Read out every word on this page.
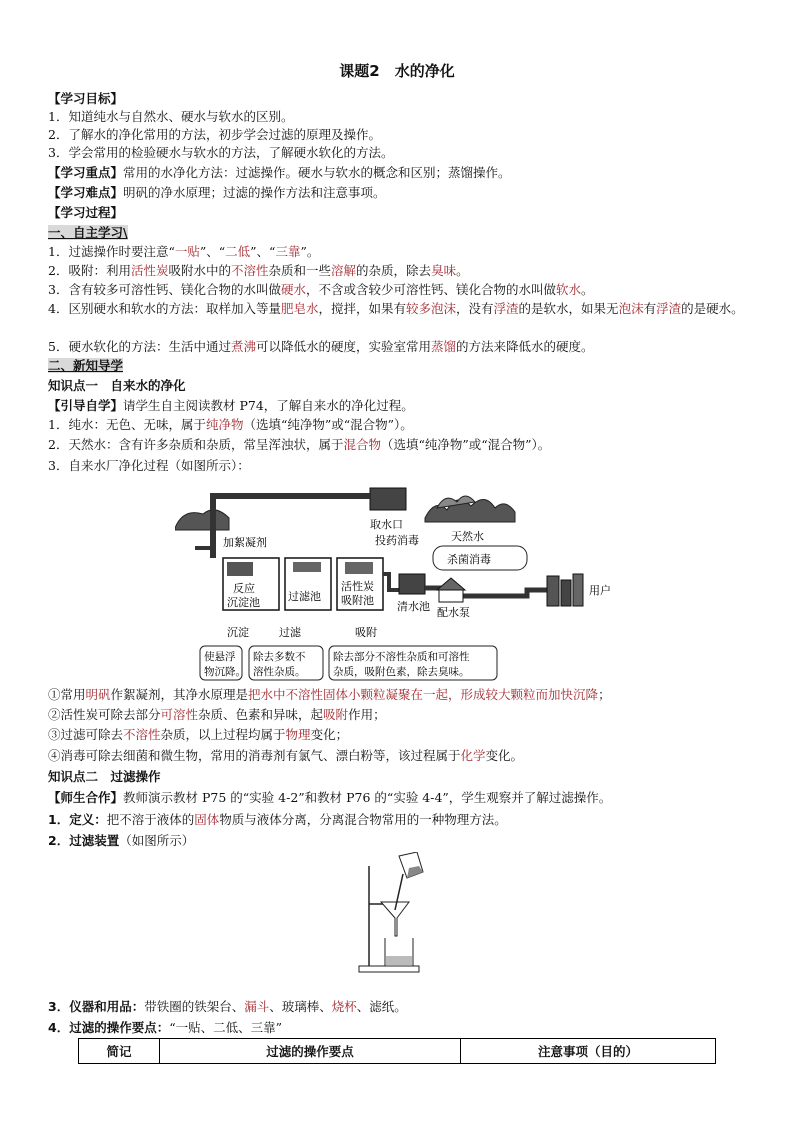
课题2　水的净化
【学习目标】
1．知道纯水与自然水、硬水与软水的区别。
2．了解水的净化常用的方法，初步学会过滤的原理及操作。
3．学会常用的检验硬水与软水的方法，了解硬水软化的方法。
【学习重点】常用的水净化方法：过滤操作。硬水与软水的概念和区别；蒸馏操作。
【学习难点】明矾的净水原理；过滤的操作方法和注意事项。
【学习过程】
一、自主学习\
1．过滤操作时要注意“一贴”、“二低”、“三靠”。
2．吸附：利用活性炭吸附水中的不溶性杂质和一些溶解的杂质，除去臭味。
3．含有较多可溶性钙、镁化合物的水叫做硬水，不含或含较少可溶性钙、镁化合物的水叫做软水。
4．区别硬水和软水的方法：取样加入等量肥皂水，搅拌，如果有较多泡沫，没有浮渣的是软水，如果无泡沫有浮渣的是硬水。
5．硬水软化的方法：生活中通过煮沸可以降低水的硬度，实验室常用蒸馏的方法来降低水的硬度。
二、新知导学
知识点一　自来水的净化
【引导自学】请学生自主阅读教材 P74，了解自来水的净化过程。
1．纯水：无色、无味，属于纯净物（选填“纯净物”或“混合物”）。
2．天然水：含有许多杂质和杂质，常呈浑浊状，属于混合物（选填“纯净物”或“混合物”）。
3．自来水厂净化过程（如图所示）：
加絮凝剂
取水口
投药消毒	天然水
杀菌消毒
反应
沉淀池	过滤池
活性炭
吸附池 清水池 配水泵
用户
沉淀	过滤	吸附
使悬浮
物沉降。
除去多数不
溶性杂质。
除去部分不溶性杂质和可溶性
杂质，吸附色素，除去臭味。
①常用明矾作絮凝剂，其净水原理是把水中不溶性固体小颗粒凝聚在一起，形成较大颗粒而加快沉降；
②活性炭可除去部分可溶性杂质、色素和异味，起吸附作用；
③过滤可除去不溶性杂质，以上过程均属于物理变化；
④消毒可除去细菌和微生物，常用的消毒剂有氯气、漂白粉等，该过程属于化学变化。
知识点二　过滤操作
【师生合作】教师演示教材 P75 的“实验 4-2”和教材 P76 的“实验 4-4”，学生观察并了解过滤操作。
1．定义：把不溶于液体的固体物质与液体分离，分离混合物常用的一种物理方法。
2．过滤装置（如图所示）
3．仪器和用品：带铁圈的铁架台、漏斗、玻璃棒、烧杯、滤纸。
4．过滤的操作要点：“一贴、二低、三靠”
简记	过滤的操作要点	注意事项（目的）
